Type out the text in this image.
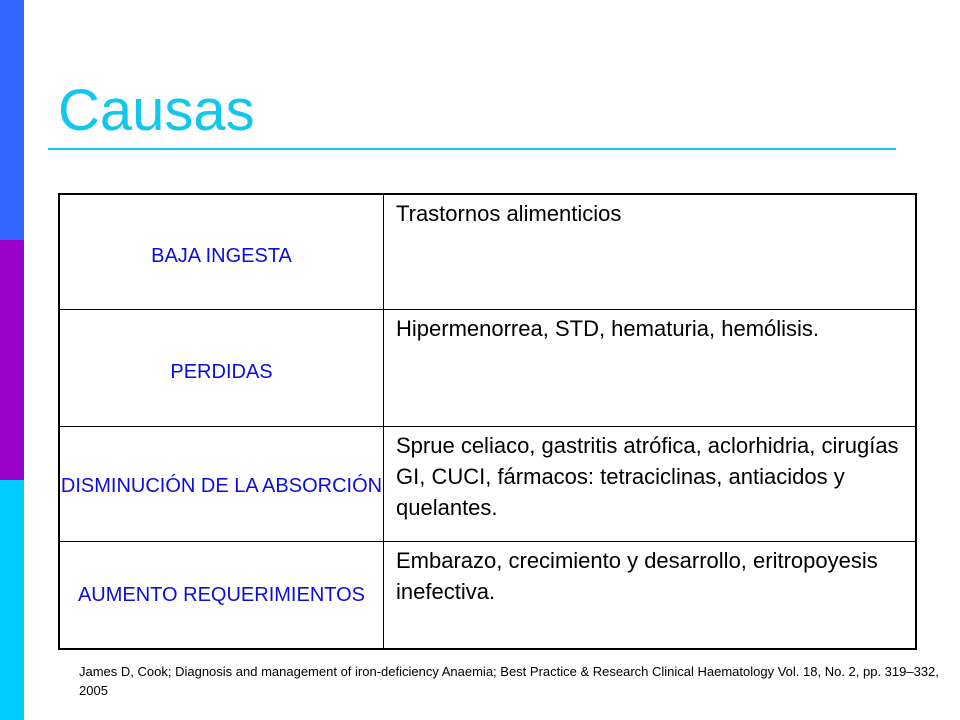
Causas
BAJA INGESTA	Trastornos alimenticios
PERDIDAS	Hipermenorrea, STD, hematuria, hemólisis.
DISMINUCIÓN DE LA ABSORCIÓN	Sprue celiaco, gastritis atrófica, aclorhidria, cirugías GI, CUCI, fármacos: tetraciclinas, antiacidos y quelantes.
AUMENTO REQUERIMIENTOS	Embarazo, crecimiento y desarrollo, eritropoyesis inefectiva.

James D, Cook; Diagnosis and management of iron-deficiency Anaemia; Best Practice & Research Clinical Haematology Vol. 18, No. 2, pp. 319–332, 2005
